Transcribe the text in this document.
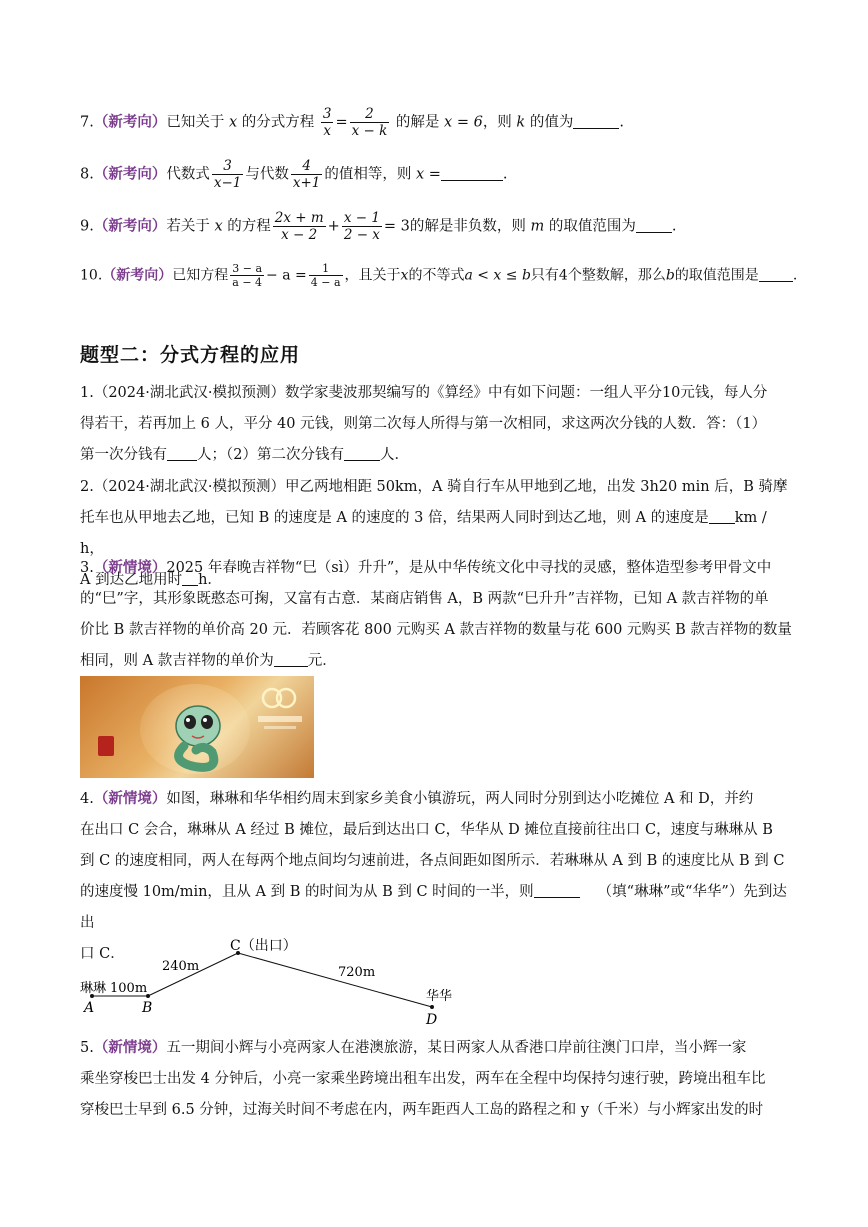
7.（新考向）已知关于 x 的分式方程 $\frac{3}{x} = \frac{2}{x - k}$ 的解是 x = 6，则 k 的值为	.
8.（新考向）代数式 $\frac{3}{x-1}$ 与代数 $\frac{4}{x+1}$ 的值相等，则 x =	.
9.（新考向）若关于 x 的方程 $\frac{2x + m}{x - 2} + \frac{x - 1}{2 - x} = 3$的解是非负数，则 m 的取值范围为 .
10.（新考向）已知方程 $\frac{3 - a}{a - 4} - a = \frac{1}{4 - a}$ ，且关于x的不等式a < x ≤ b只有4个整数解，那么b的取值范围是 .
题型二：分式方程的应用
1.（2024·湖北武汉·模拟预测）数学家斐波那契编写的《算经》中有如下问题：一组人平分10元钱，每人分
得若干，若再加上 6 人，平分 40 元钱，则第二次每人所得与第一次相同，求这两次分钱的人数．答：（1）
第一次分钱有 人；（2）第二次分钱有 人．
2.（2024·湖北武汉·模拟预测）甲乙两地相距 50km，A 骑自行车从甲地到乙地，出发 3h20 min 后，B 骑摩
托车也从甲地去乙地，已知 B 的速度是 A 的速度的 3 倍，结果两人同时到达乙地，则 A 的速度是 km / h，
A 到达乙地用时 h．
3.（新情境）2025 年春晚吉祥物“巳（sì）升升”，是从中华传统文化中寻找的灵感，整体造型参考甲骨文中
的“巳”字，其形象既憨态可掬，又富有古意．某商店销售 A，B 两款“巳升升”吉祥物，已知 A 款吉祥物的单
价比 B 款吉祥物的单价高 20 元．若顾客花 800 元购买 A 款吉祥物的数量与花 600 元购买 B 款吉祥物的数量
相同，则 A 款吉祥物的单价为 元．
4.（新情境）如图，琳琳和华华相约周末到家乡美食小镇游玩，两人同时分别到达小吃摊位 A 和 D，并约
在出口 C 会合，琳琳从 A 经过 B 摊位，最后到达出口 C，华华从 D 摊位直接前往出口 C，速度与琳琳从 B
到 C 的速度相同，两人在每两个地点间均匀速前进，各点间距如图所示．若琳琳从 A 到 B 的速度比从 B 到 C
的速度慢 10m/min，且从 A 到 B 的时间为从 B 到 C 时间的一半，则	（填“琳琳”或“华华”）先到达出
口 C．	C（出口）
240m	720m
琳琳 100m
华华
A	B
D
5.（新情境）五一期间小辉与小亮两家人在港澳旅游，某日两家人从香港口岸前往澳门口岸，当小辉一家
乘坐穿梭巴士出发 4 分钟后，小亮一家乘坐跨境出租车出发，两车在全程中均保持匀速行驶，跨境出租车比
穿梭巴士早到 6.5 分钟，过海关时间不考虑在内，两车距西人工岛的路程之和 y（千米）与小辉家出发的时
